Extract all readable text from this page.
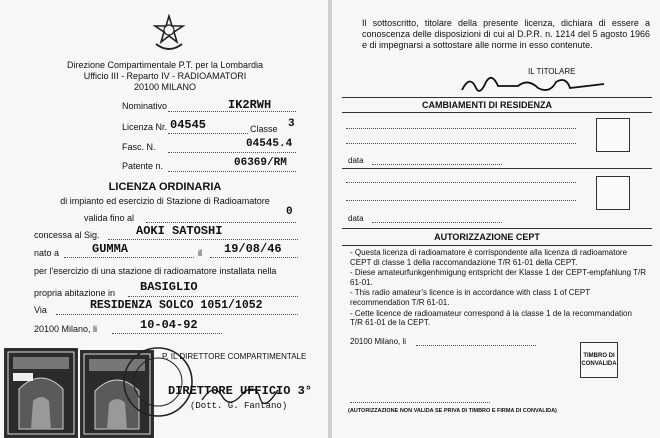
Direzione Compartimentale P.T. per la Lombardia
Ufficio III - Reparto IV - RADIOAMATORI
20100 MILANO
Nominativo	IK2RWH
Licenza Nr. 04545	Classe 3
Fasc. N.	04545.4
Patente n.	06369/RM
LICENZA ORDINARIA
di impianto ed esercizio di Stazione di Radioamatore
valida fino al	0
concessa al Sig.	AOKI SATOSHI
nato a	GUMMA	il 19/08/46
per l'esercizio di una stazione di radioamatore installata nella
propria abitazione in BASIGLIO
Via	RESIDENZA SOLCO 1051/1052
20100 Milano, li	10-04-92
P. IL DIRETTORE COMPARTIMENTALE
DIRETTORE UFFICIO 3°
(Dott. G. Fantano)
Il sottoscritto, titolare della presente licenza, dichiara di essere a conoscenza delle disposizioni di cui al D.P.R. n. 1214 del 5 agosto 1966 e di impegnarsi a sottostare alle norme in esso contenute.
IL TITOLARE
CAMBIAMENTI DI RESIDENZA
data
data
AUTORIZZAZIONE CEPT
- Questa licenza di radioamatore è corrispondente alla licenza di radioamatore CEPT di classe 1 della raccomandazione T/R 61-01 della CEPT.
- Diese amateurfunkgenhmigung entspricht der Klasse 1 der CEPT-empfahlung T/R 61-01.
- This radio amateur's licence is in accordance with class 1 of CEPT recommendation T/R 61-01.
- Cette licence de radioamateur correspond à la classe 1 de la recommandation T/R 61-01 de la CEPT.
20100 Milano, li
TIMBRO DI CONVALIDA
(AUTORIZZAZIONE NON VALIDA SE PRIVA DI TIMBRO E FIRMA DI CONVALIDA)
